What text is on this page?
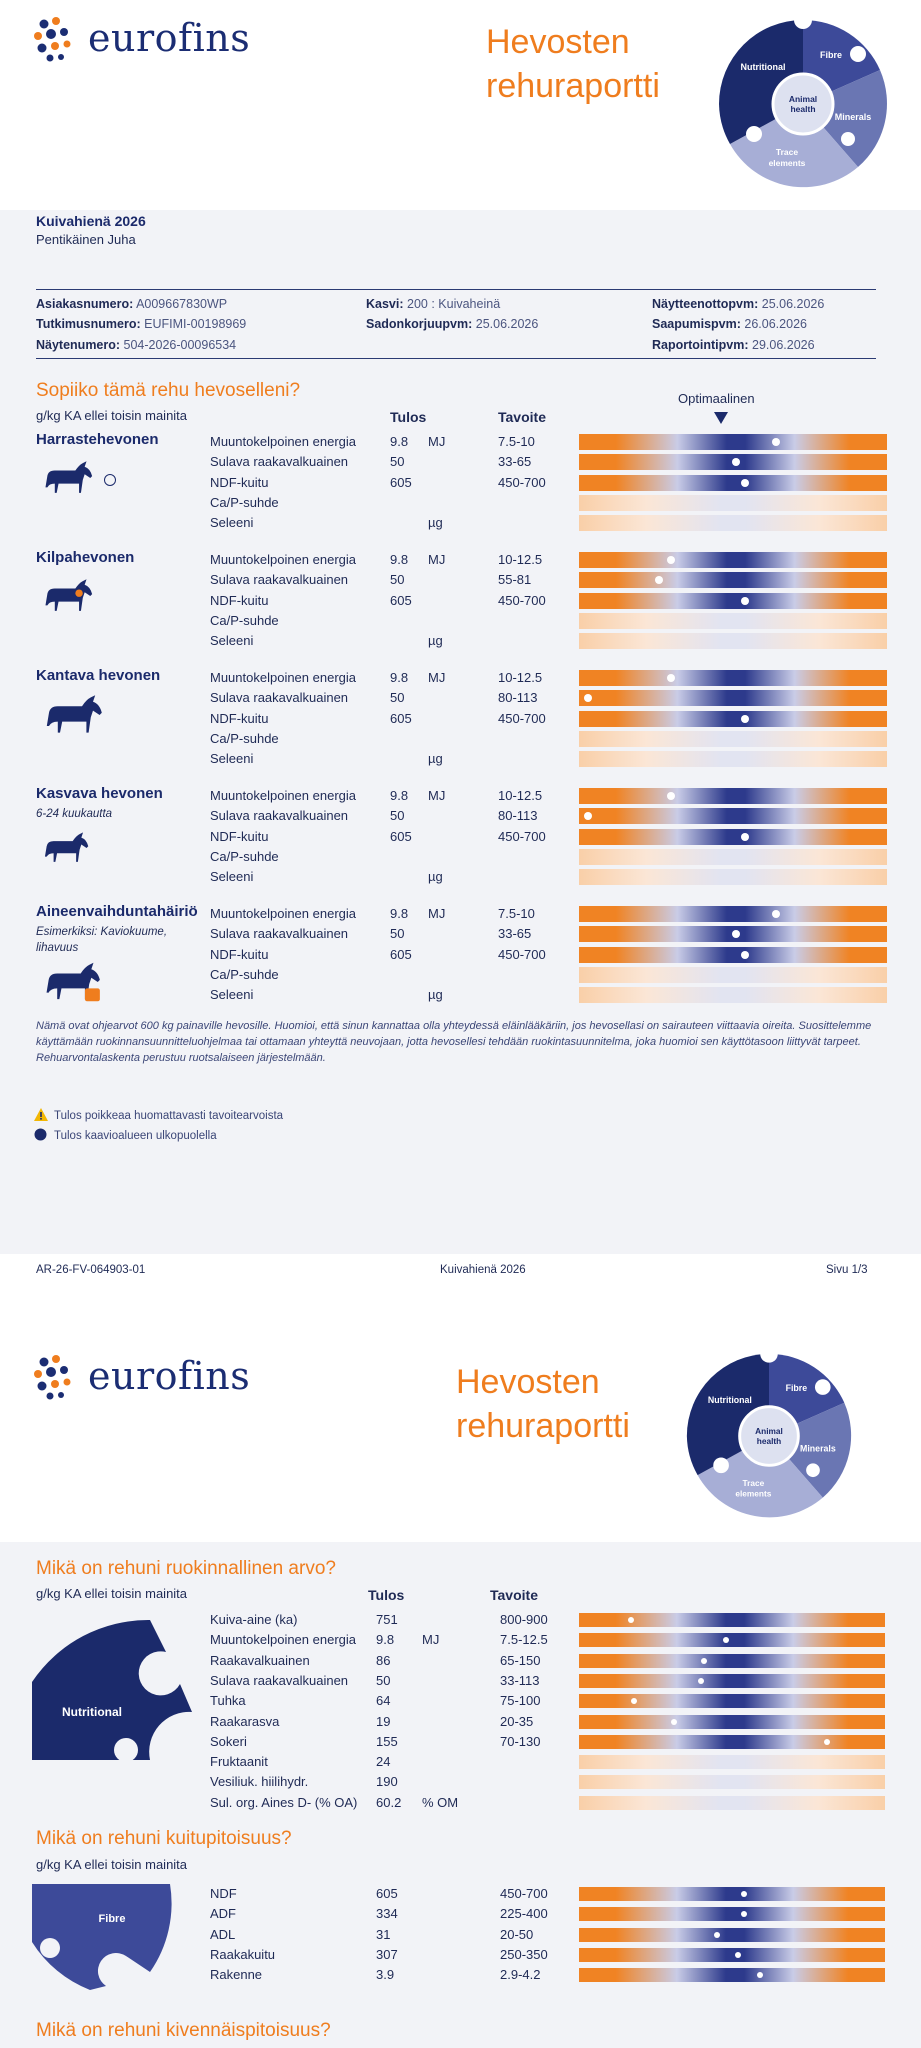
eurofins	Hevosten
rehuraportti	Nutritional
Fibre
Animal
health
Minerals
Trace
elements
Kuivahienä 2026
Pentikäinen Juha
Asiakasnumero: A009667830WP
Tutkimusnumero: EUFIMI-00198969
Näytenumero: 504-2026-00096534
Kasvi: 200 : Kuivaheinä
Sadonkorjuupvm: 25.06.2026
Näytteenottopvm: 25.06.2026
Saapumispvm: 26.06.2026
Raportointipvm: 29.06.2026
Sopiiko tämä rehu hevoselleni?
g/kg KA ellei toisin mainita	Tulos	Tavoite
Optimaalinen
Harrastehevonen	Muuntokelpoinen energia	9.8 MJ	7.5-10
Sulava raakavalkuainen	50	33-65
NDF-kuitu	605	450-700
Ca/P-suhde
Seleeni	µg
Kilpahevonen	Muuntokelpoinen energia	9.8 MJ	10-12.5
Sulava raakavalkuainen	50	55-81
NDF-kuitu	605	450-700
Ca/P-suhde
Seleeni	µg
Kantava hevonen	Muuntokelpoinen energia	9.8 MJ	10-12.5
Sulava raakavalkuainen	50	80-113
NDF-kuitu	605	450-700
Ca/P-suhde
Seleeni	µg
Kasvava hevonen
6-24 kuukautta
Muuntokelpoinen energia	9.8 MJ	10-12.5
Sulava raakavalkuainen	50	80-113
NDF-kuitu	605	450-700
Ca/P-suhde
Seleeni	µg
Aineenvaihduntahäiriö
Esimerkiksi: Kaviokuume, lihavuus
Muuntokelpoinen energia	9.8 MJ	7.5-10
Sulava raakavalkuainen	50	33-65
NDF-kuitu	605	450-700
Ca/P-suhde
Seleeni	µg
Nämä ovat ohjearvot 600 kg painaville hevosille. Huomioi, että sinun kannattaa olla yhteydessä eläinlääkäriin, jos hevosellasi on sairauteen viittaavia oireita. Suosittelemme käyttämään ruokinnansuunnitteluohjelmaa tai ottamaan yhteyttä neuvojaan, jotta hevosellesi tehdään ruokintasuunnitelma, joka huomioi sen käyttötasoon liittyvät tarpeet. Rehuarvontalaskenta perustuu ruotsalaiseen järjestelmään.
Tulos poikkeaa huomattavasti tavoitearvoista
Tulos kaavioalueen ulkopuolella
AR-26-FV-064903-01	Kuivahienä 2026	Sivu 1/3
eurofins	Hevosten
rehuraportti
Nutritional
Fibre
Animal
health
Minerals
Trace
elements
Mikä on rehuni ruokinnallinen arvo?
g/kg KA ellei toisin mainita	Tulos	Tavoite
Nutritional
Kuiva-aine (ka)	751	800-900
Muuntokelpoinen energia 9.8 MJ	7.5-12.5
Raakavalkuainen	86	65-150
Sulava raakavalkuainen 50	33-113
Tuhka	64	75-100
Raakarasva	19	20-35
Sokeri	155	70-130
Fruktaanit	24
Vesiliuk. hiilihydr.	190
Sul. org. Aines D- (% OA) 60.2 % OM
Mikä on rehuni kuitupitoisuus?
g/kg KA ellei toisin mainita
Fibre
NDF	605	450-700
ADF	334	225-400
ADL	31	20-50
Raakakuitu	307	250-350
Rakenne	3.9	2.9-4.2
Mikä on rehuni kivennäispitoisuus?
